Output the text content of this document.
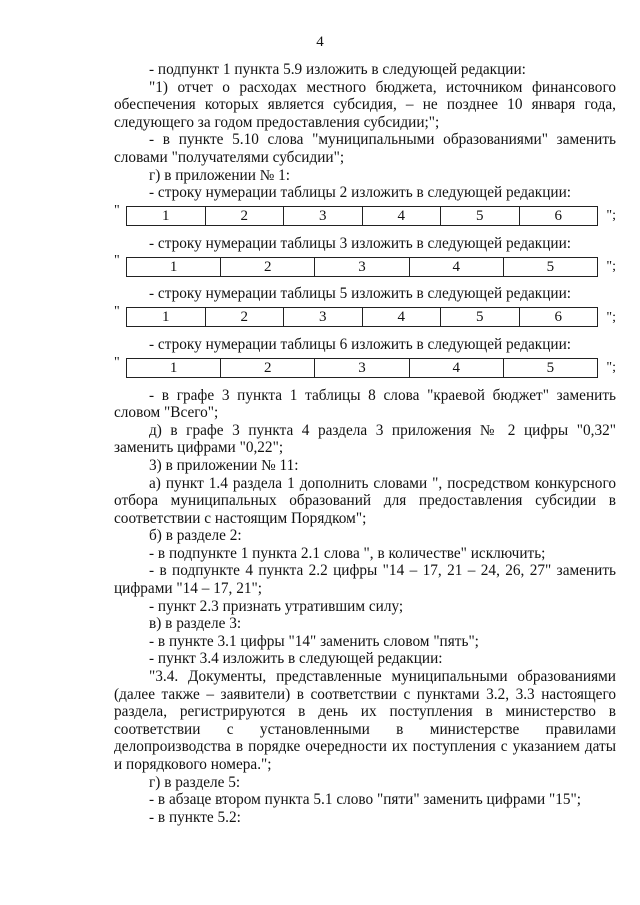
4

- подпункт 1 пункта 5.9 изложить в следующей редакции:

"1) отчет о расходах местного бюджета, источником финансового обеспечения которых является субсидия, – не позднее 10 января года, следующего за годом предоставления субсидии;";

- в пункте 5.10 слова "муниципальными образованиями" заменить словами "получателями субсидии";

г) в приложении № 1:

- строку нумерации таблицы 2 изложить в следующей редакции:

"	1	2	3	4	5	6	";

- строку нумерации таблицы 3 изложить в следующей редакции:

"	1	2	3	4	5	";

- строку нумерации таблицы 5 изложить в следующей редакции:

"	1	2	3	4	5	6	";

- строку нумерации таблицы 6 изложить в следующей редакции:

"	1	2	3	4	5	";

- в графе 3 пункта 1 таблицы 8 слова "краевой бюджет" заменить словом "Всего";

д) в графе 3 пункта 4 раздела 3 приложения № 2 цифры "0,32" заменить цифрами "0,22";

3) в приложении № 11:

а) пункт 1.4 раздела 1 дополнить словами ", посредством конкурсного отбора муниципальных образований для предоставления субсидии в соответствии с настоящим Порядком";

б) в разделе 2:

- в подпункте 1 пункта 2.1 слова ", в количестве" исключить;

- в подпункте 4 пункта 2.2 цифры "14 – 17, 21 – 24, 26, 27" заменить цифрами "14 – 17, 21";

- пункт 2.3 признать утратившим силу;

в) в разделе 3:

- в пункте 3.1 цифры "14" заменить словом "пять";

- пункт 3.4 изложить в следующей редакции:

"3.4. Документы, представленные муниципальными образованиями (далее также – заявители) в соответствии с пунктами 3.2, 3.3 настоящего раздела, регистрируются в день их поступления в министерство в соответствии с установленными в министерстве правилами делопроизводства в порядке очередности их поступления с указанием даты и порядкового номера.";

г) в разделе 5:

- в абзаце втором пункта 5.1 слово "пяти" заменить цифрами "15";

- в пункте 5.2:
